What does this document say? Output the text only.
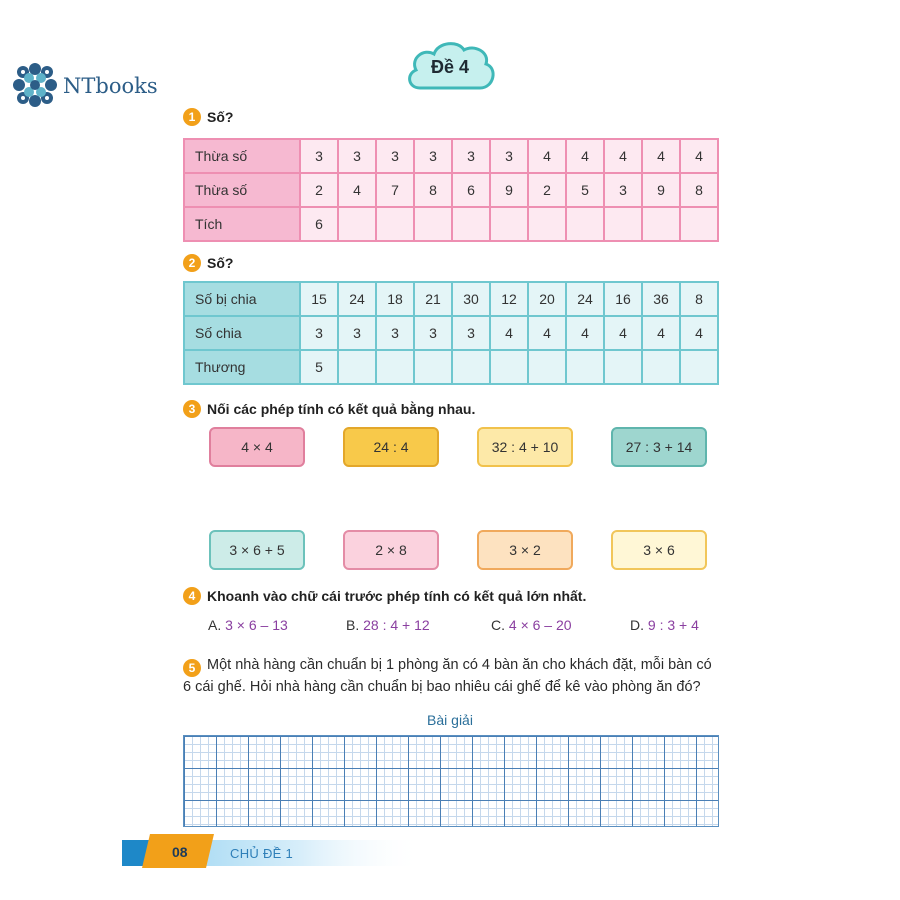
NTbooks
Đề 4
1 Số?
Thừa số	3	3	3	3	3	3	4	4	4	4	4
Thừa số	2	4	7	8	6	9	2	5	3	9	8
Tích	6										
2 Số?
Số bị chia	15	24	18	21	30	12	20	24	16	36	8
Số chia	3	3	3	3	3	4	4	4	4	4	4
Thương	5										
3 Nối các phép tính có kết quả bằng nhau.
4 × 4	24 : 4	32 : 4 + 10	27 : 3 + 14
3 × 6 + 5	2 × 8	3 × 2	3 × 6
4 Khoanh vào chữ cái trước phép tính có kết quả lớn nhất.
A. 3 × 6 – 13	B. 28 : 4 + 12	C. 4 × 6 – 20	D. 9 : 3 + 4
5 Một nhà hàng cần chuẩn bị 1 phòng ăn có 4 bàn ăn cho khách đặt, mỗi bàn có 6 cái ghế. Hỏi nhà hàng cần chuẩn bị bao nhiêu cái ghế để kê vào phòng ăn đó?
Bài giải
08	CHỦ ĐỀ 1
